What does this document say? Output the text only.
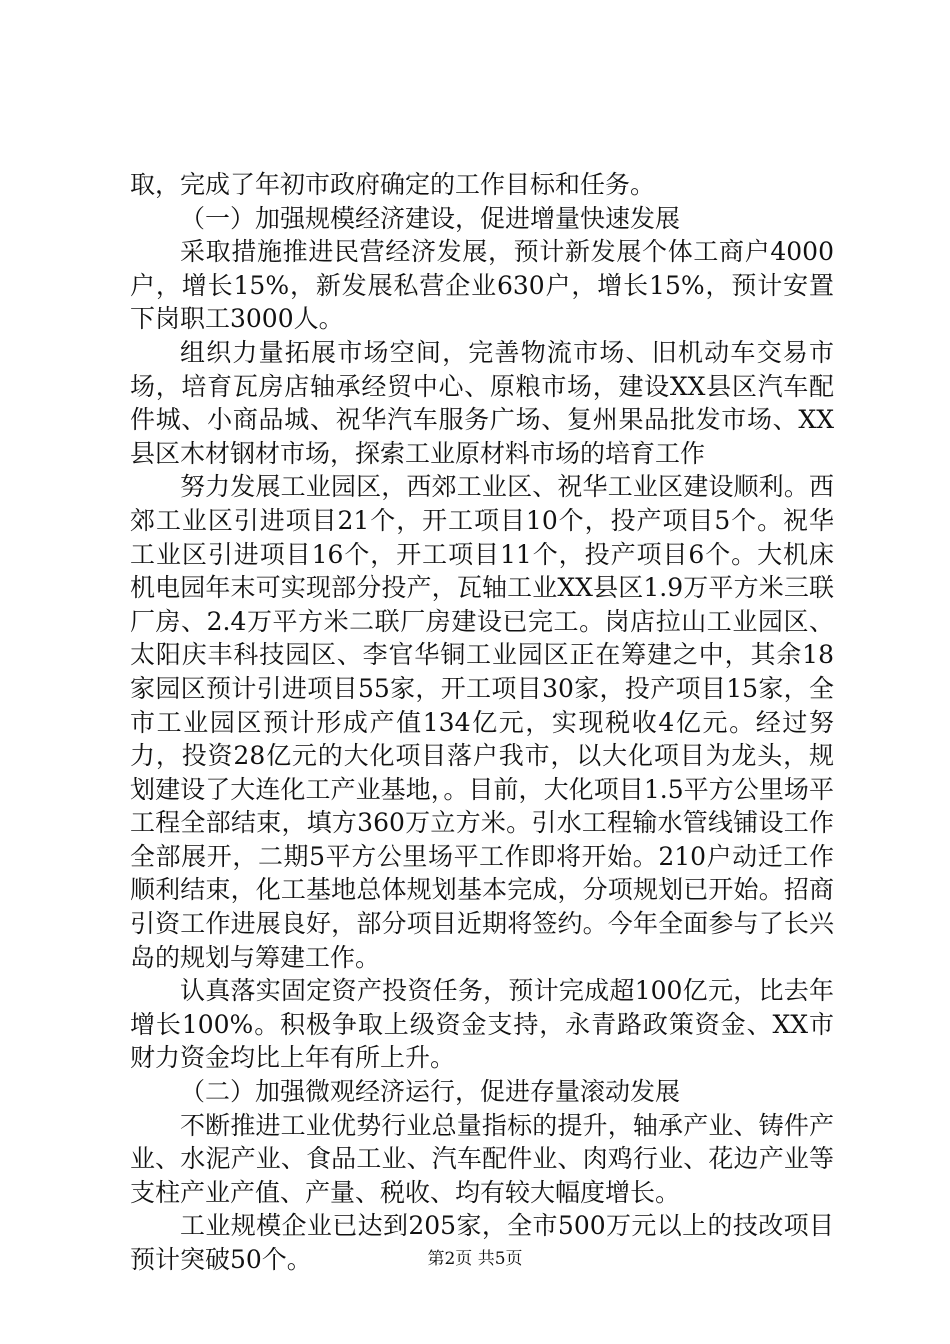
取，完成了年初市政府确定的工作目标和任务。

（一）加强规模经济建设，促进增量快速发展

采取措施推进民营经济发展，预计新发展个体工商户4000户，增长15%，新发展私营企业630户，增长15%，预计安置下岗职工3000人。

组织力量拓展市场空间，完善物流市场、旧机动车交易市场，培育瓦房店轴承经贸中心、原粮市场，建设XX县区汽车配件城、小商品城、祝华汽车服务广场、复州果品批发市场、XX县区木材钢材市场，探索工业原材料市场的培育工作

努力发展工业园区，西郊工业区、祝华工业区建设顺利。西郊工业区引进项目21个，开工项目10个，投产项目5个。祝华工业区引进项目16个，开工项目11个，投产项目6个。大机床机电园年末可实现部分投产，瓦轴工业XX县区1.9万平方米三联厂房、2.4万平方米二联厂房建设已完工。岗店拉山工业园区、太阳庆丰科技园区、李官华铜工业园区正在筹建之中，其余18家园区预计引进项目55家，开工项目30家，投产项目15家，全市工业园区预计形成产值134亿元，实现税收4亿元。经过努力，投资28亿元的大化项目落户我市，以大化项目为龙头，规划建设了大连化工产业基地，。目前，大化项目1.5平方公里场平工程全部结束，填方360万立方米。引水工程输水管线铺设工作全部展开，二期5平方公里场平工作即将开始。210户动迁工作顺利结束，化工基地总体规划基本完成，分项规划已开始。招商引资工作进展良好，部分项目近期将签约。今年全面参与了长兴岛的规划与筹建工作。

认真落实固定资产投资任务，预计完成超100亿元，比去年增长100%。积极争取上级资金支持，永青路政策资金、XX市财力资金均比上年有所上升。

（二）加强微观经济运行，促进存量滚动发展

不断推进工业优势行业总量指标的提升，轴承产业、铸件产业、水泥产业、食品工业、汽车配件业、肉鸡行业、花边产业等支柱产业产值、产量、税收、均有较大幅度增长。

工业规模企业已达到205家，全市500万元以上的技改项目预计突破50个。	第2页 共5页
